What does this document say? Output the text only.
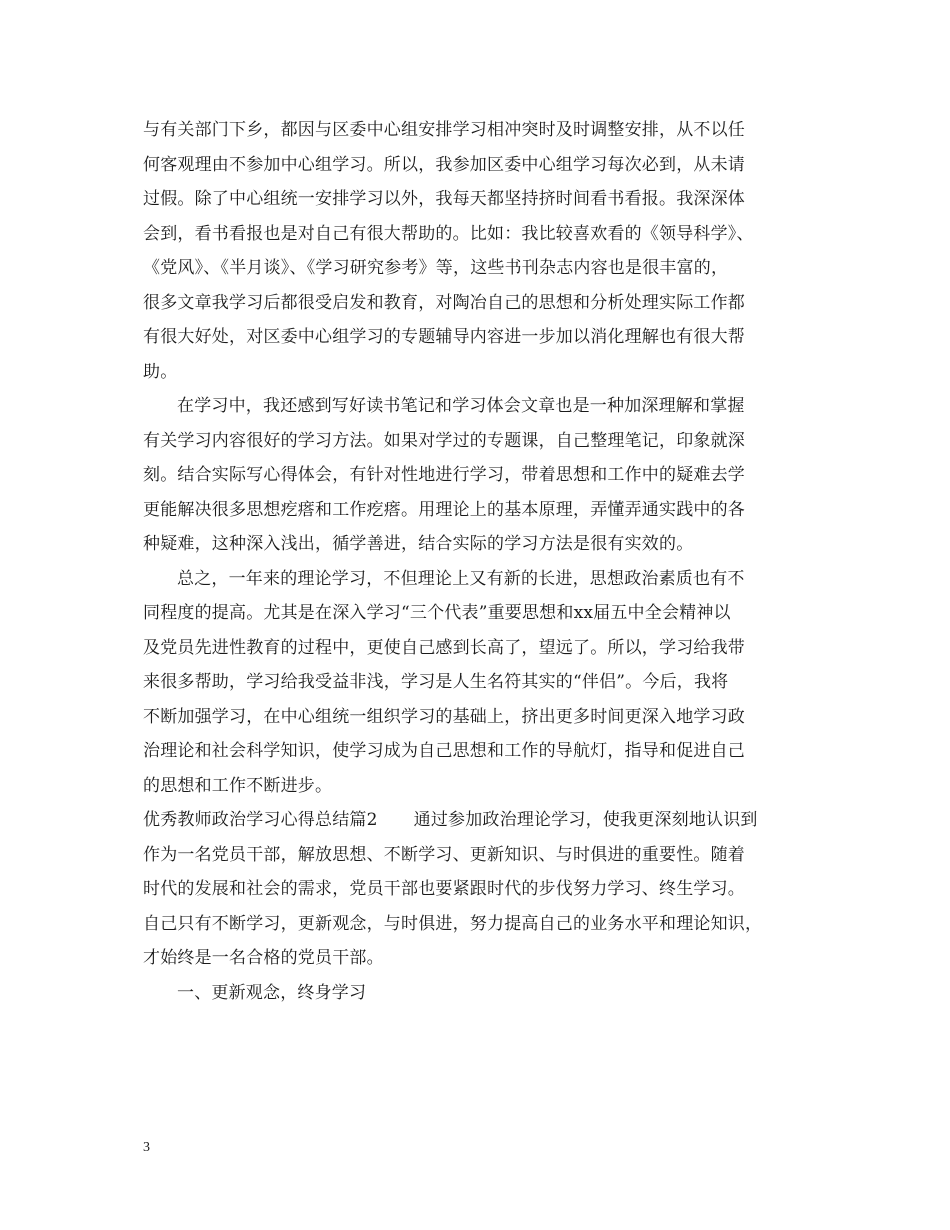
与有关部门下乡，都因与区委中心组安排学习相冲突时及时调整安排，从不以任
何客观理由不参加中心组学习。所以，我参加区委中心组学习每次必到，从未请
过假。除了中心组统一安排学习以外，我每天都坚持挤时间看书看报。我深深体
会到，看书看报也是对自己有很大帮助的。比如：我比较喜欢看的《领导科学》、
《党风》、《半月谈》、《学习研究参考》等，这些书刊杂志内容也是很丰富的，
很多文章我学习后都很受启发和教育，对陶冶自己的思想和分析处理实际工作都
有很大好处，对区委中心组学习的专题辅导内容进一步加以消化理解也有很大帮
助。
在学习中，我还感到写好读书笔记和学习体会文章也是一种加深理解和掌握
有关学习内容很好的学习方法。如果对学过的专题课，自己整理笔记，印象就深
刻。结合实际写心得体会，有针对性地进行学习，带着思想和工作中的疑难去学
更能解决很多思想疙瘩和工作疙瘩。用理论上的基本原理，弄懂弄通实践中的各
种疑难，这种深入浅出，循学善进，结合实际的学习方法是很有实效的。
总之，一年来的理论学习，不但理论上又有新的长进，思想政治素质也有不
同程度的提高。尤其是在深入学习“三个代表”重要思想和xx届五中全会精神以
及党员先进性教育的过程中，更使自己感到长高了，望远了。所以，学习给我带
来很多帮助，学习给我受益非浅，学习是人生名符其实的“伴侣”。今后，我将
不断加强学习，在中心组统一组织学习的基础上，挤出更多时间更深入地学习政
治理论和社会科学知识，使学习成为自己思想和工作的导航灯，指导和促进自己
的思想和工作不断进步。
优秀教师政治学习心得总结篇2 通过参加政治理论学习，使我更深刻地认识到
作为一名党员干部，解放思想、不断学习、更新知识、与时俱进的重要性。随着
时代的发展和社会的需求，党员干部也要紧跟时代的步伐努力学习、终生学习。
自己只有不断学习，更新观念，与时俱进，努力提高自己的业务水平和理论知识，
才始终是一名合格的党员干部。
一、更新观念，终身学习
3
